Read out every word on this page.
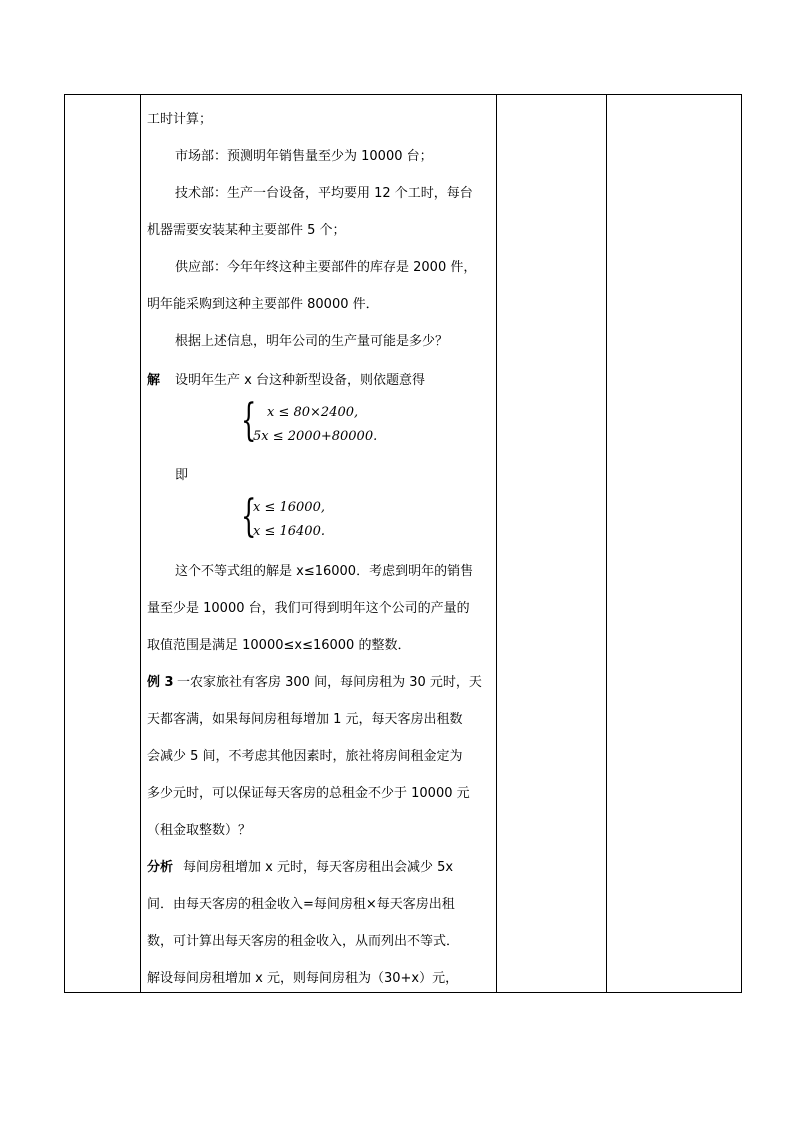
工时计算；
市场部：预测明年销售量至少为 10000 台；
技术部：生产一台设备，平均要用 12 个工时，每台
机器需要安装某种主要部件 5 个；
供应部：今年年终这种主要部件的库存是 2000 件，
明年能采购到这种主要部件 80000 件．
根据上述信息，明年公司的生产量可能是多少？
解 设明年生产 x 台这种新型设备，则依题意得
{ x ≤ 80×2400,
5x ≤ 2000+80000.
即
{
x ≤ 16000,
x ≤ 16400.
这个不等式组的解是 x≤16000．考虑到明年的销售
量至少是 10000 台，我们可得到明年这个公司的产量的
取值范围是满足 10000≤x≤16000 的整数．
例 3 一农家旅社有客房 300 间，每间房租为 30 元时，天
天都客满，如果每间房租每增加 1 元，每天客房出租数
会减少 5 间，不考虑其他因素时，旅社将房间租金定为
多少元时，可以保证每天客房的总租金不少于 10000 元
（租金取整数）？
分析 每间房租增加 x 元时，每天客房租出会减少 5x
间．由每天客房的租金收入=每间房租×每天客房出租
数，可计算出每天客房的租金收入，从而列出不等式．
解设每间房租增加 x 元，则每间房租为（30+x）元，
